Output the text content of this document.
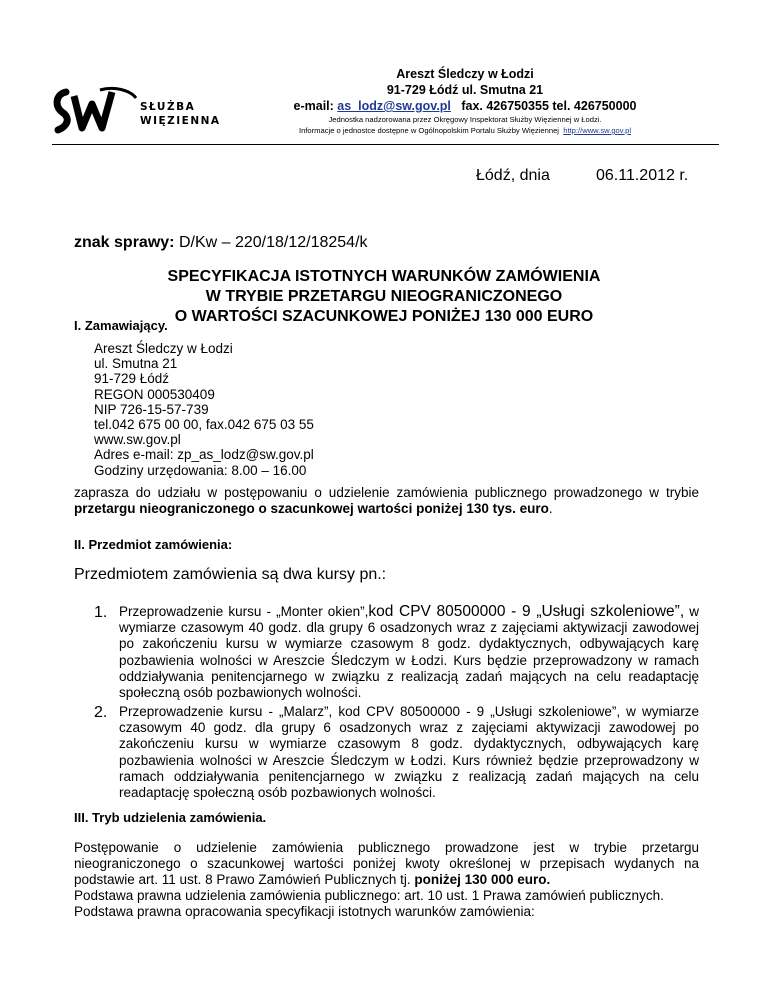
SŁUŻBA
WIĘZIENNA
Areszt Śledczy w Łodzi
91-729 Łódź ul. Smutna 21
e-mail: as_lodz@sw.gov.pl fax. 426750355 tel. 426750000
Jednostka nadzorowana przez Okręgowy Inspektorat Służby Więziennej w Łodzi.
Informacje o jednostce dostępne w Ogólnopolskim Portalu Służby Więziennej http://www.sw.gov.pl
Łódź, dnia	06.11.2012 r.
znak sprawy: D/Kw – 220/18/12/18254/k
SPECYFIKACJA ISTOTNYCH WARUNKÓW ZAMÓWIENIA
W TRYBIE PRZETARGU NIEOGRANICZONEGO
O WARTOŚCI SZACUNKOWEJ PONIŻEJ 130 000 EURO
I. Zamawiający.
Areszt Śledczy w Łodzi
ul. Smutna 21
91-729 Łódź
REGON 000530409
NIP 726-15-57-739
tel.042 675 00 00, fax.042 675 03 55
www.sw.gov.pl
Adres e-mail: zp_as_lodz@sw.gov.pl
Godziny urzędowania: 8.00 – 16.00
zaprasza do udziału w postępowaniu o udzielenie zamówienia publicznego prowadzonego w trybie przetargu nieograniczonego o szacunkowej wartości poniżej 130 tys. euro.
II. Przedmiot zamówienia:
Przedmiotem zamówienia są dwa kursy pn.:
1. Przeprowadzenie kursu - „Monter okien”,kod CPV 80500000 - 9 „Usługi szkoleniowe”, w wymiarze czasowym 40 godz. dla grupy 6 osadzonych wraz z zajęciami aktywizacji zawodowej po zakończeniu kursu w wymiarze czasowym 8 godz. dydaktycznych, odbywających karę pozbawienia wolności w Areszcie Śledczym w Łodzi. Kurs będzie przeprowadzony w ramach oddziaływania penitencjarnego w związku z realizacją zadań mających na celu readaptację społeczną osób pozbawionych wolności.
2. Przeprowadzenie kursu - „Malarz”, kod CPV 80500000 - 9 „Usługi szkoleniowe”, w wymiarze czasowym 40 godz. dla grupy 6 osadzonych wraz z zajęciami aktywizacji zawodowej po zakończeniu kursu w wymiarze czasowym 8 godz. dydaktycznych, odbywających karę pozbawienia wolności w Areszcie Śledczym w Łodzi. Kurs również będzie przeprowadzony w ramach oddziaływania penitencjarnego w związku z realizacją zadań mających na celu readaptację społeczną osób pozbawionych wolności.
III. Tryb udzielenia zamówienia.
Postępowanie o udzielenie zamówienia publicznego prowadzone jest w trybie przetargu nieograniczonego o szacunkowej wartości poniżej kwoty określonej w przepisach wydanych na podstawie art. 11 ust. 8 Prawo Zamówień Publicznych tj. poniżej 130 000 euro.
Podstawa prawna udzielenia zamówienia publicznego: art. 10 ust. 1 Prawa zamówień publicznych.
Podstawa prawna opracowania specyfikacji istotnych warunków zamówienia:
